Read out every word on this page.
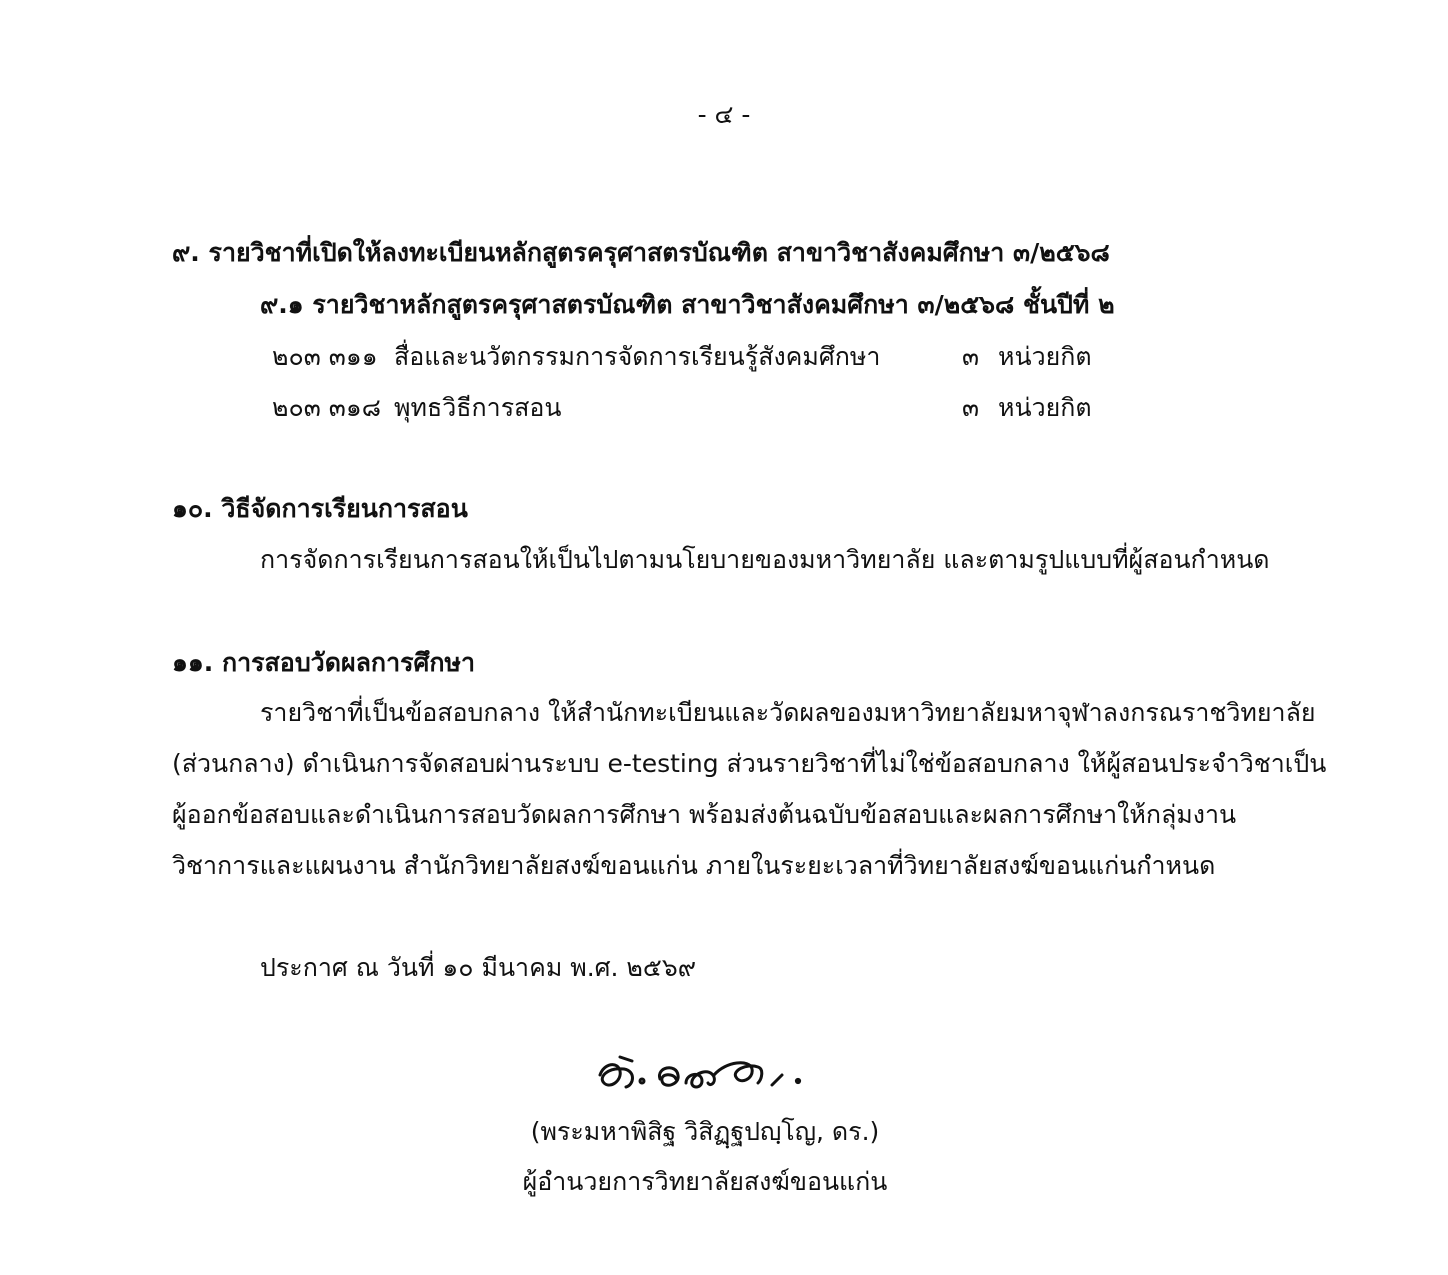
- ๔ -
๙. รายวิชาที่เปิดให้ลงทะเบียนหลักสูตรครุศาสตรบัณฑิต สาขาวิชาสังคมศึกษา ๓/๒๕๖๘
๙.๑ รายวิชาหลักสูตรครุศาสตรบัณฑิต สาขาวิชาสังคมศึกษา ๓/๒๕๖๘ ชั้นปีที่ ๒
๒๐๓ ๓๑๑ สื่อและนวัตกรรมการจัดการเรียนรู้สังคมศึกษา	๓ หน่วยกิต
๒๐๓ ๓๑๘ พุทธวิธีการสอน	๓ หน่วยกิต
๑๐. วิธีจัดการเรียนการสอน
การจัดการเรียนการสอนให้เป็นไปตามนโยบายของมหาวิทยาลัย และตามรูปแบบที่ผู้สอนกำหนด
๑๑. การสอบวัดผลการศึกษา
รายวิชาที่เป็นข้อสอบกลาง ให้สำนักทะเบียนและวัดผลของมหาวิทยาลัยมหาจุฬาลงกรณราชวิทยาลัย
(ส่วนกลาง) ดำเนินการจัดสอบผ่านระบบ e-testing ส่วนรายวิชาที่ไม่ใช่ข้อสอบกลาง ให้ผู้สอนประจำวิชาเป็น
ผู้ออกข้อสอบและดำเนินการสอบวัดผลการศึกษา พร้อมส่งต้นฉบับข้อสอบและผลการศึกษาให้กลุ่มงาน
วิชาการและแผนงาน สำนักวิทยาลัยสงฆ์ขอนแก่น ภายในระยะเวลาที่วิทยาลัยสงฆ์ขอนแก่นกำหนด
ประกาศ ณ วันที่ ๑๐ มีนาคม พ.ศ. ๒๕๖๙
(พระมหาพิสิฐ วิสิฏฺฐปญฺโญ, ดร.)
ผู้อำนวยการวิทยาลัยสงฆ์ขอนแก่น
